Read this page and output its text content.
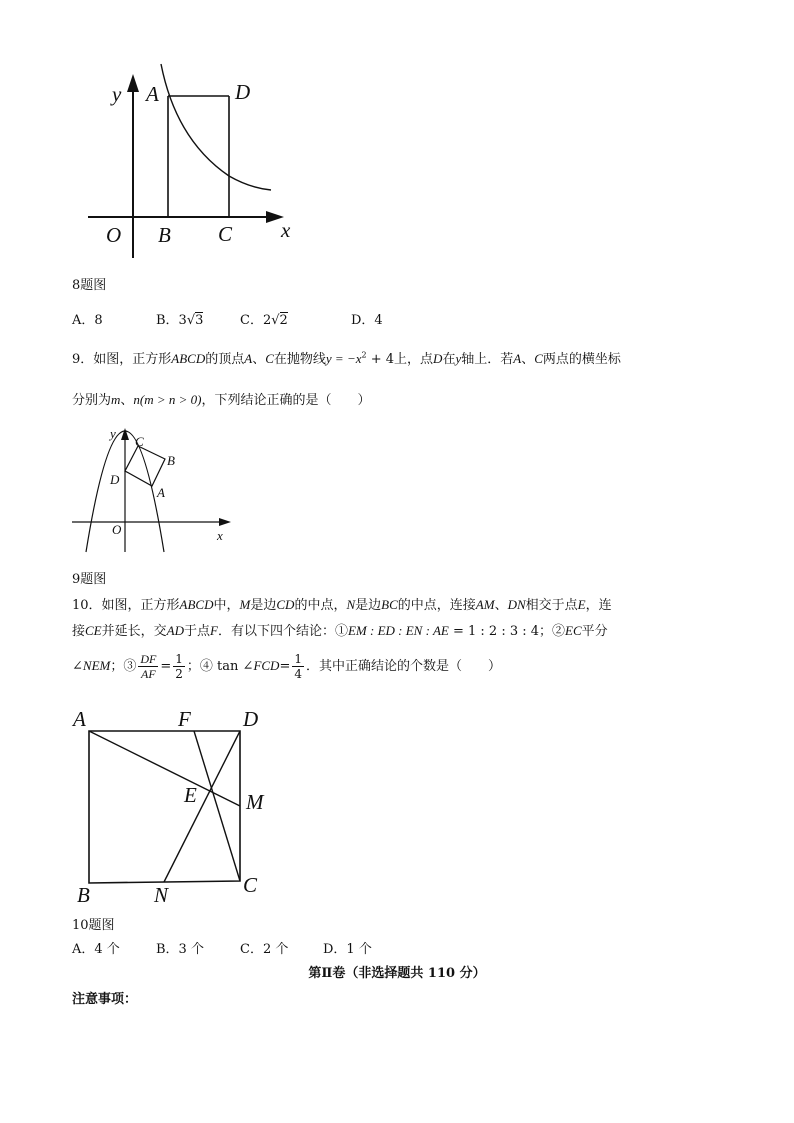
y A	D
O B C x
8题图
A．8	B．3√3	C．2√2	D．4
9．如图，正方形ABCD的顶点A、C在抛物线$y = -x^2 + 4$上，点D在y轴上．若A、C两点的横坐标
分别为m、n(m > n > 0)，下列结论正确的是（　　）
y
C
B
D
A
O	x
9题图
10．如图，正方形ABCD中，M是边CD的中点，N是边BC的中点，连接AM、DN相交于点E，连
接CE并延长，交AD于点F．有以下四个结论：①EM : ED : EN : AE = 1 : 2 : 3 : 4；②EC平分
∠NEM；③ $\frac{DF}{AF} = \frac{1}{2}$ ；④ tan ∠FCD= $\frac{1}{4}$ ．其中正确结论的个数是（　　）
A	F D
E M
B	N	C
10题图
A．4 个	B．3 个	C．2 个	D．1 个
第Ⅱ卷（非选择题共 110 分）
注意事项：
